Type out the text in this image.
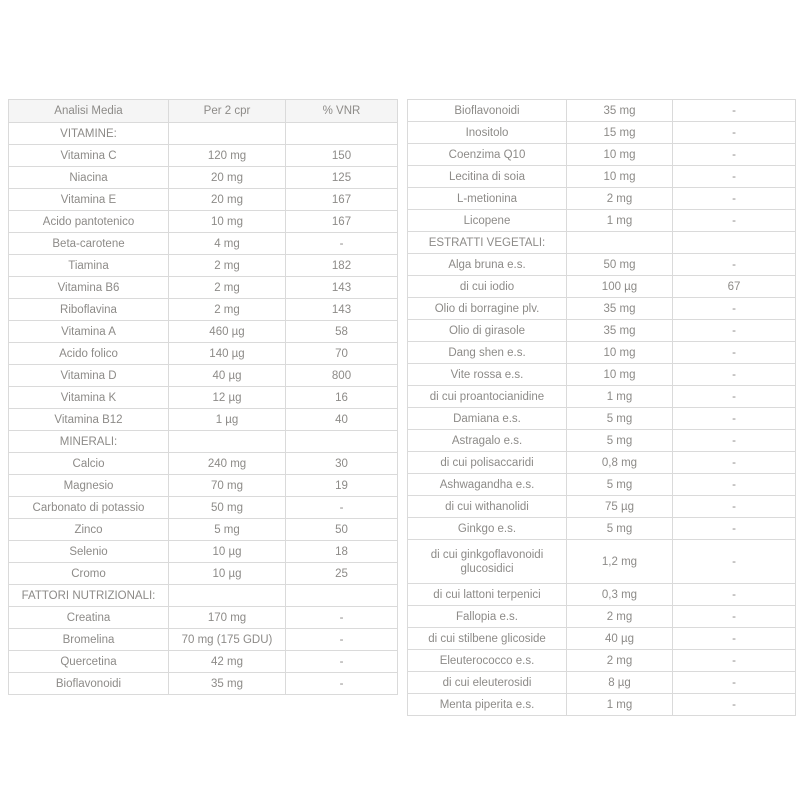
Analisi Media	Per 2 cpr	% VNR
VITAMINE:		
Vitamina C	120 mg	150
Niacina	20 mg	125
Vitamina E	20 mg	167
Acido pantotenico	10 mg	167
Beta-carotene	4 mg	-
Tiamina	2 mg	182
Vitamina B6	2 mg	143
Riboflavina	2 mg	143
Vitamina A	460 µg	58
Acido folico	140 µg	70
Vitamina D	40 µg	800
Vitamina K	12 µg	16
Vitamina B12	1 µg	40
MINERALI:		
Calcio	240 mg	30
Magnesio	70 mg	19
Carbonato di potassio	50 mg	-
Zinco	5 mg	50
Selenio	10 µg	18
Cromo	10 µg	25
FATTORI NUTRIZIONALI:		
Creatina	170 mg	-
Bromelina	70 mg (175 GDU)	-
Quercetina	42 mg	-
Bioflavonoidi	35 mg	-
Bioflavonoidi	35 mg	-
Inositolo	15 mg	-
Coenzima Q10	10 mg	-
Lecitina di soia	10 mg	-
L-metionina	2 mg	-
Licopene	1 mg	-
ESTRATTI VEGETALI:		
Alga bruna e.s.	50 mg	-
di cui iodio	100 µg	67
Olio di borragine plv.	35 mg	-
Olio di girasole	35 mg	-
Dang shen e.s.	10 mg	-
Vite rossa e.s.	10 mg	-
di cui proantocianidine	1 mg	-
Damiana e.s.	5 mg	-
Astragalo e.s.	5 mg	-
di cui polisaccaridi	0,8 mg	-
Ashwagandha e.s.	5 mg	-
di cui withanolidi	75 µg	-
Ginkgo e.s.	5 mg	-
di cui ginkgoflavonoidi glucosidici	1,2 mg	-
di cui lattoni terpenici	0,3 mg	-
Fallopia e.s.	2 mg	-
di cui stilbene glicoside	40 µg	-
Eleuterococco e.s.	2 mg	-
di cui eleuterosidi	8 µg	-
Menta piperita e.s.	1 mg	-
